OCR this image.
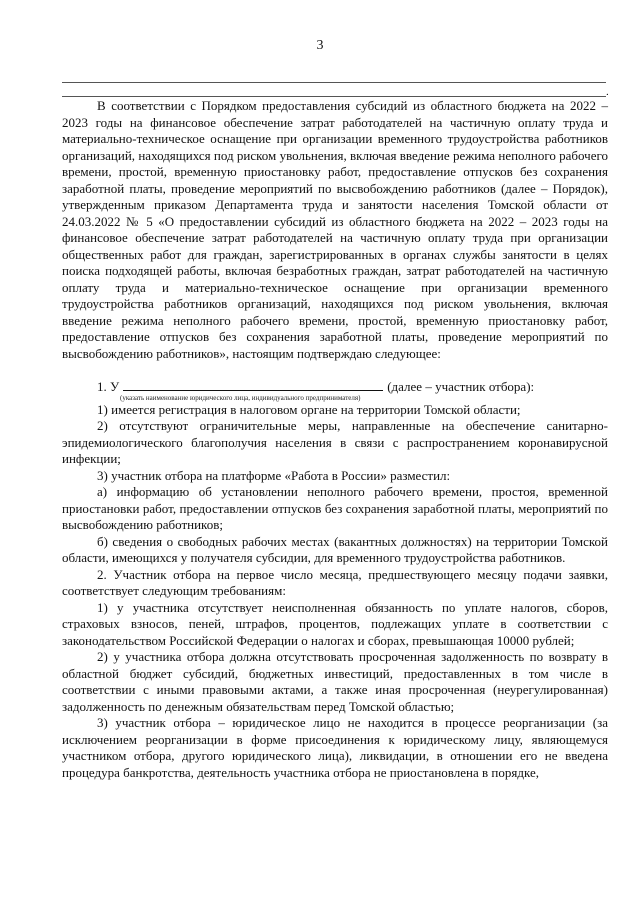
3
.

В соответствии с Порядком предоставления субсидий из областного бюджета на 2022 – 2023 годы на финансовое обеспечение затрат работодателей на частичную оплату труда и материально-техническое оснащение при организации временного трудоустройства работников организаций, находящихся под риском увольнения, включая введение режима неполного рабочего времени, простой, временную приостановку работ, предоставление отпусков без сохранения заработной платы, проведение мероприятий по высвобождению работников (далее – Порядок), утвержденным приказом Департамента труда и занятости населения Томской области от 24.03.2022 № 5 «О предоставлении субсидий из областного бюджета на 2022 – 2023 годы на финансовое обеспечение затрат работодателей на частичную оплату труда при организации общественных работ для граждан, зарегистрированных в органах службы занятости в целях поиска подходящей работы, включая безработных граждан, затрат работодателей на частичную оплату труда и материально-техническое оснащение при организации временного трудоустройства работников организаций, находящихся под риском увольнения, включая введение режима неполного рабочего времени, простой, временную приостановку работ, предоставление отпусков без сохранения заработной платы, проведение мероприятий по высвобождению работников», настоящим подтверждаю следующее:

1. У	(далее – участник отбора):

(указать наименование юридического лица, индивидуального предпринимателя)

1) имеется регистрация в налоговом органе на территории Томской области;

2) отсутствуют ограничительные меры, направленные на обеспечение санитарно-эпидемиологического благополучия населения в связи с распространением коронавирусной инфекции;

3) участник отбора на платформе «Работа в России» разместил:

а) информацию об установлении неполного рабочего времени, простоя, временной приостановки работ, предоставлении отпусков без сохранения заработной платы, мероприятий по высвобождению работников;

б) сведения о свободных рабочих местах (вакантных должностях) на территории Томской области, имеющихся у получателя субсидии, для временного трудоустройства работников.

2. Участник отбора на первое число месяца, предшествующего месяцу подачи заявки, соответствует следующим требованиям:

1) у участника отсутствует неисполненная обязанность по уплате налогов, сборов, страховых взносов, пеней, штрафов, процентов, подлежащих уплате в соответствии с законодательством Российской Федерации о налогах и сборах, превышающая 10000 рублей;

2) у участника отбора должна отсутствовать просроченная задолженность по возврату в областной бюджет субсидий, бюджетных инвестиций, предоставленных в том числе в соответствии с иными правовыми актами, а также иная просроченная (неурегулированная) задолженность по денежным обязательствам перед Томской областью;

3) участник отбора – юридическое лицо не находится в процессе реорганизации (за исключением реорганизации в форме присоединения к юридическому лицу, являющемуся участником отбора, другого юридического лица), ликвидации, в отношении его не введена процедура банкротства, деятельность участника отбора не приостановлена в порядке,
